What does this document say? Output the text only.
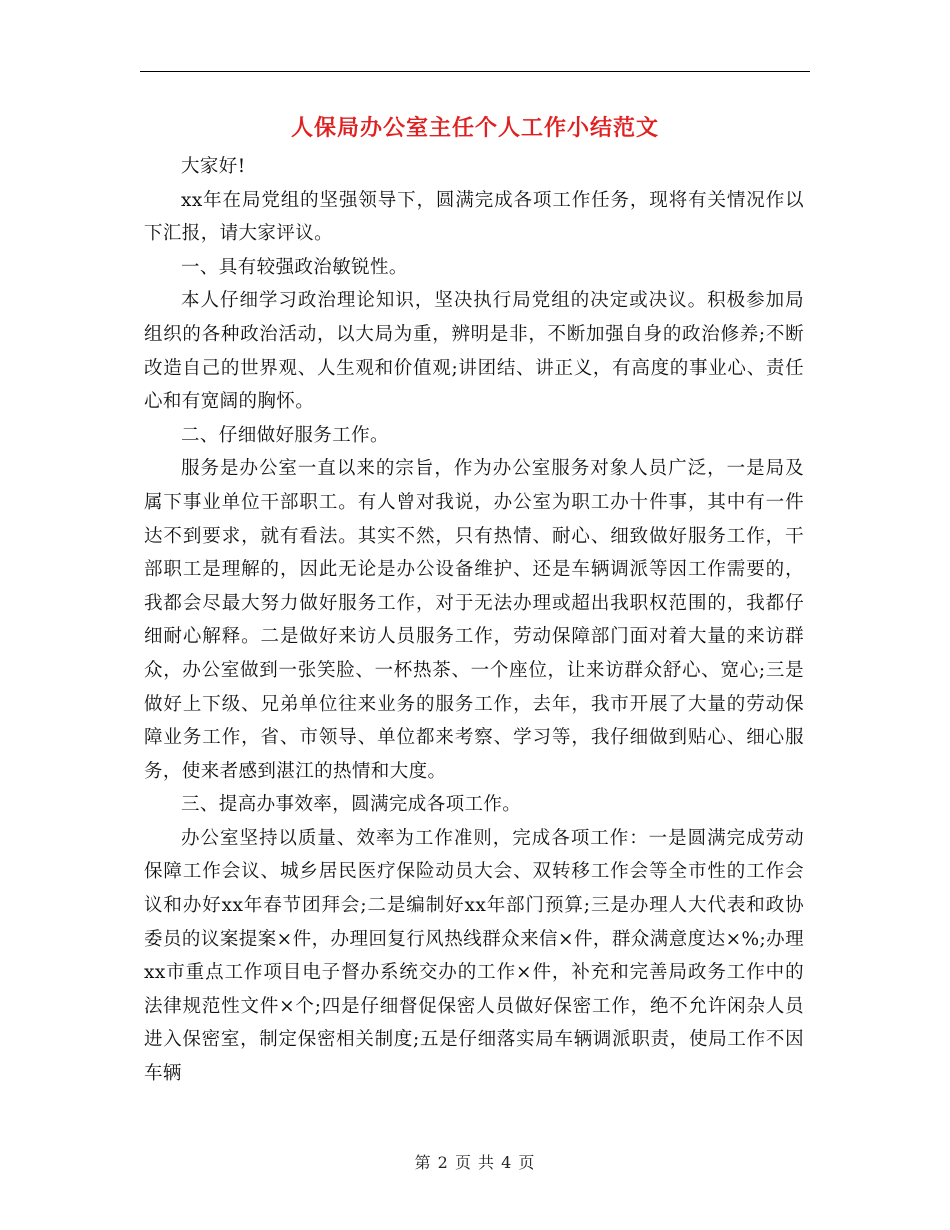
人保局办公室主任个人工作小结范文

大家好!

xx年在局党组的坚强领导下，圆满完成各项工作任务，现将有关情况作以下汇报，请大家评议。

一、具有较强政治敏锐性。

本人仔细学习政治理论知识，坚决执行局党组的决定或决议。积极参加局组织的各种政治活动，以大局为重，辨明是非，不断加强自身的政治修养;不断改造自己的世界观、人生观和价值观;讲团结、讲正义，有高度的事业心、责任心和有宽阔的胸怀。

二、仔细做好服务工作。

服务是办公室一直以来的宗旨，作为办公室服务对象人员广泛，一是局及属下事业单位干部职工。有人曾对我说，办公室为职工办十件事，其中有一件达不到要求，就有看法。其实不然，只有热情、耐心、细致做好服务工作，干部职工是理解的，因此无论是办公设备维护、还是车辆调派等因工作需要的，我都会尽最大努力做好服务工作，对于无法办理或超出我职权范围的，我都仔细耐心解释。二是做好来访人员服务工作，劳动保障部门面对着大量的来访群众，办公室做到一张笑脸、一杯热茶、一个座位，让来访群众舒心、宽心;三是做好上下级、兄弟单位往来业务的服务工作，去年，我市开展了大量的劳动保障业务工作，省、市领导、单位都来考察、学习等，我仔细做到贴心、细心服务，使来者感到湛江的热情和大度。

三、提高办事效率，圆满完成各项工作。

办公室坚持以质量、效率为工作准则，完成各项工作：一是圆满完成劳动保障工作会议、城乡居民医疗保险动员大会、双转移工作会等全市性的工作会议和办好xx年春节团拜会;二是编制好xx年部门预算;三是办理人大代表和政协委员的议案提案×件，办理回复行风热线群众来信×件，群众满意度达×%;办理xx市重点工作项目电子督办系统交办的工作×件，补充和完善局政务工作中的法律规范性文件×个;四是仔细督促保密人员做好保密工作，绝不允许闲杂人员进入保密室，制定保密相关制度;五是仔细落实局车辆调派职责，使局工作不因车辆

第 2 页 共 4 页
